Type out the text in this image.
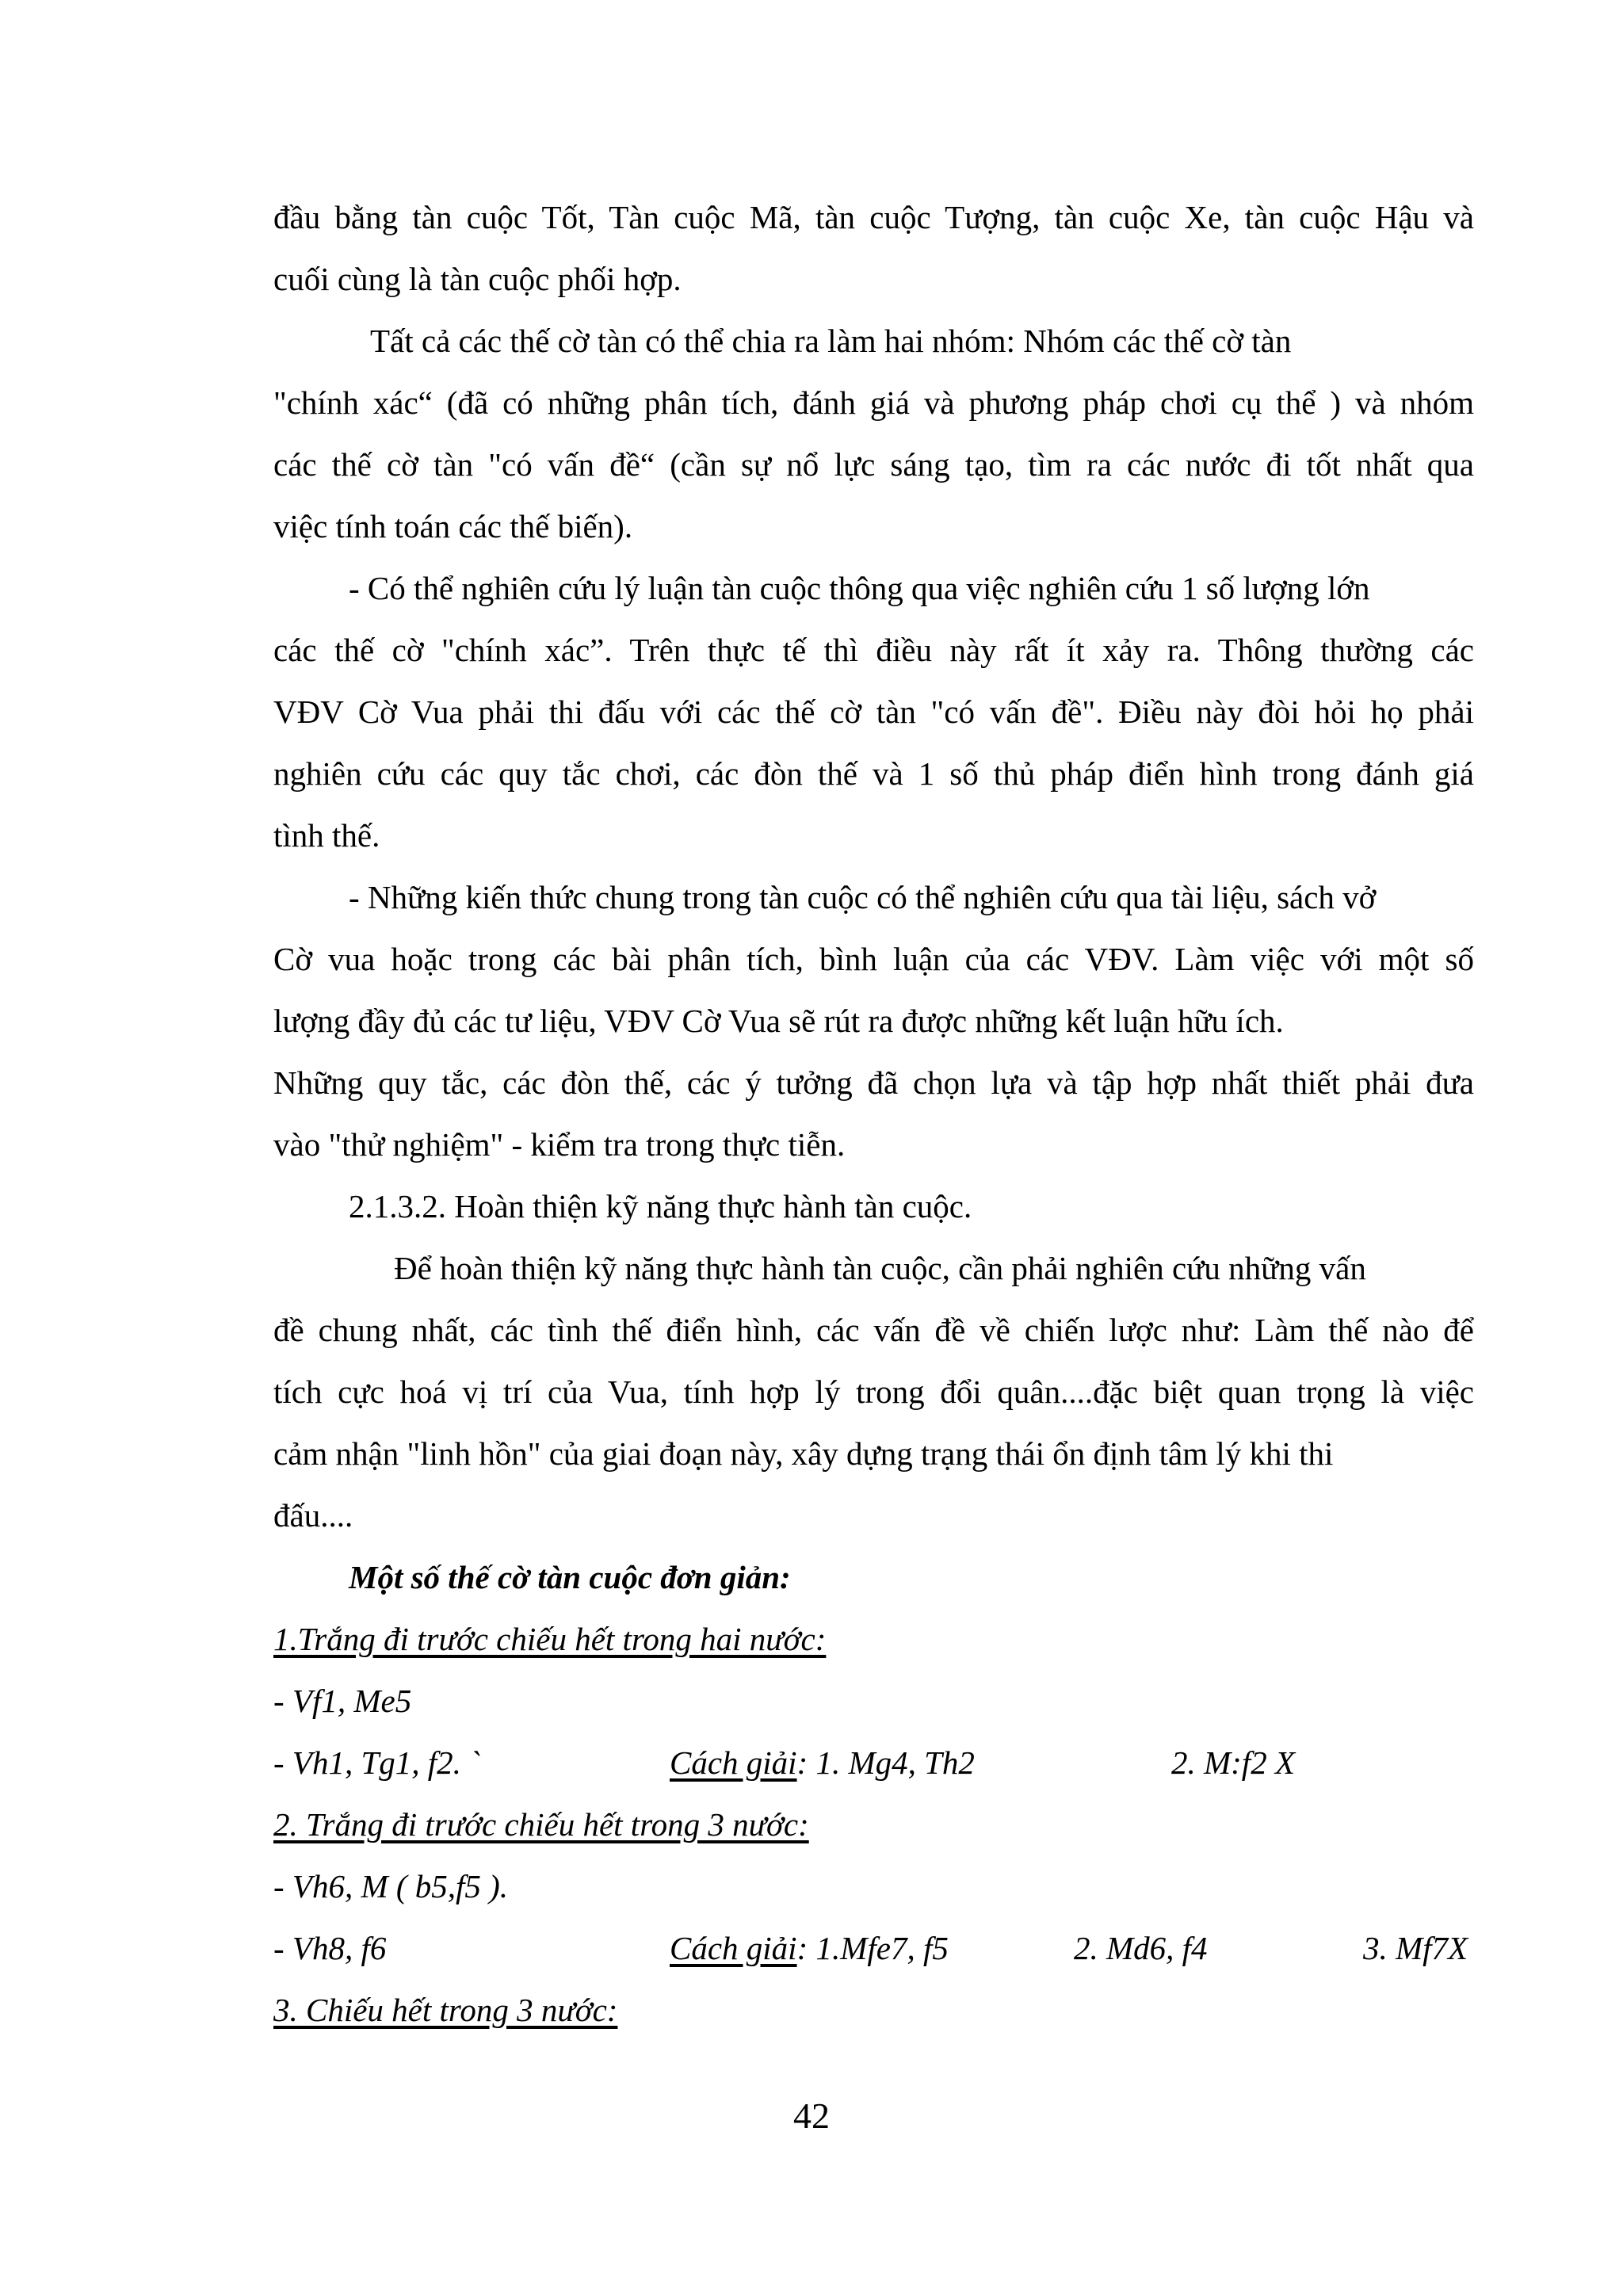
đầu bằng tàn cuộc Tốt, Tàn cuộc Mã, tàn cuộc Tượng, tàn cuộc Xe, tàn cuộc Hậu và
cuối cùng là tàn cuộc phối hợp.
Tất cả các thế cờ tàn có thể chia ra làm hai nhóm: Nhóm các thế cờ tàn
"chính xác“ (đã có những phân tích, đánh giá và phương pháp chơi cụ thể ) và nhóm
các thế cờ tàn "có vấn đề“ (cần sự nổ lực sáng tạo, tìm ra các nước đi tốt nhất qua
việc tính toán các thế biến).
- Có thể nghiên cứu lý luận tàn cuộc thông qua việc nghiên cứu 1 số lượng lớn
các thế cờ "chính xác”. Trên thực tế thì điều này rất ít xảy ra. Thông thường các
VĐV Cờ Vua phải thi đấu với các thế cờ tàn "có vấn đề". Điều này đòi hỏi họ phải
nghiên cứu các quy tắc chơi, các đòn thế và 1 số thủ pháp điển hình trong đánh giá
tình thế.
- Những kiến thức chung trong tàn cuộc có thể nghiên cứu qua tài liệu, sách vở
Cờ vua hoặc trong các bài phân tích, bình luận của các VĐV. Làm việc với một số
lượng đầy đủ các tư liệu, VĐV Cờ Vua sẽ rút ra được những kết luận hữu ích.
Những quy tắc, các đòn thế, các ý tưởng đã chọn lựa và tập hợp nhất thiết phải đưa
vào "thử nghiệm" - kiểm tra trong thực tiễn.
2.1.3.2. Hoàn thiện kỹ năng thực hành tàn cuộc.
Để hoàn thiện kỹ năng thực hành tàn cuộc, cần phải nghiên cứu những vấn
đề chung nhất, các tình thế điển hình, các vấn đề về chiến lược như: Làm thế nào để
tích cực hoá vị trí của Vua, tính hợp lý trong đổi quân....đặc biệt quan trọng là việc
cảm nhận "linh hồn" của giai đoạn này, xây dựng trạng thái ổn định tâm lý khi thi
đấu....
Một số thế cờ tàn cuộc đơn giản:
1.Trắng đi trước chiếu hết trong hai nước:
- Vf1, Me5
- Vh1, Tg1, f2. `	Cách giải: 1. Mg4, Th2	2. M:f2 X
2. Trắng đi trước chiếu hết trong 3 nước:
- Vh6, M ( b5,f5 ).
- Vh8, f6	Cách giải: 1.Mfe7, f5	2. Md6, f4	3. Mf7X
3. Chiếu hết trong 3 nước:
42
